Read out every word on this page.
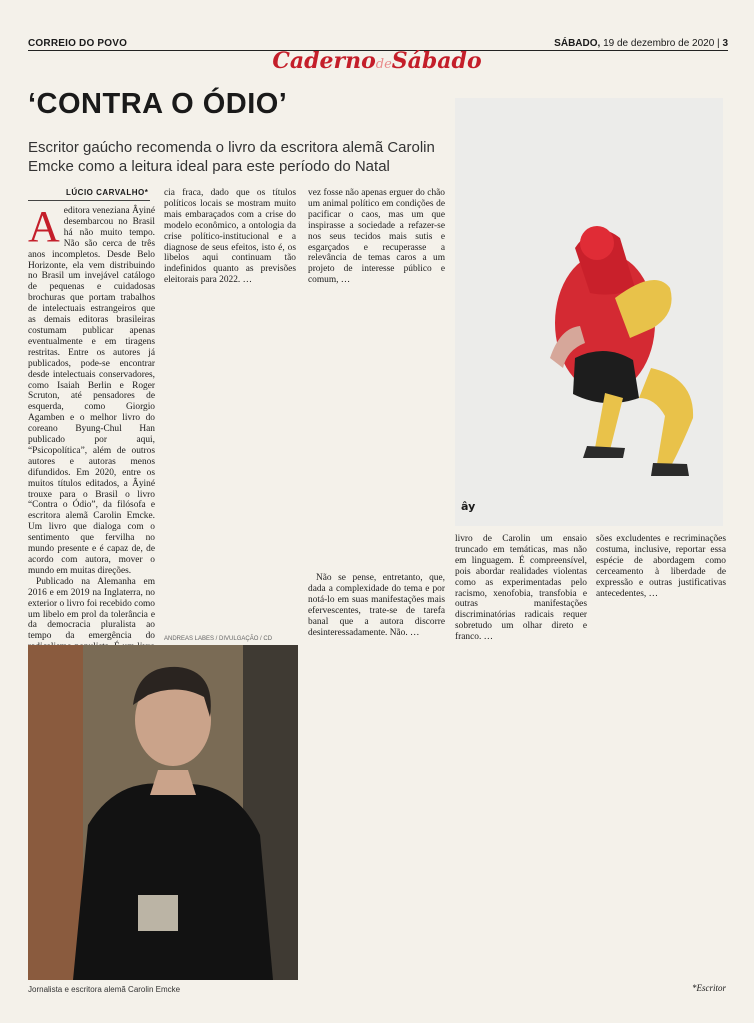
CORREIO DO POVO	SÁBADO, 19 de dezembro de 2020 | 3
CadernodeSábado
‘CONTRA O ÓDIO’
Escritor gaúcho recomenda o livro da escritora alemã Carolin Emcke como a leitura ideal para este período do Natal
LÚCIO CARVALHO*

Aeditora veneziana Âyiné desembarcou no Brasil há não muito tempo. Não são cerca de três anos incompletos. Desde Belo Horizonte, ela vem distribuindo no Brasil um invejável catálogo de pequenas e cuidadosas brochuras que portam trabalhos de intelectuais estrangeiros que as demais editoras brasileiras costumam publicar apenas eventualmente e em tiragens restritas. Entre os autores já publicados, pode-se encontrar desde intelectuais conservadores, como Isaiah Berlin e Roger Scruton, até pensadores de esquerda, como Giorgio Agamben e o melhor livro do coreano Byung-Chul Han publicado por aqui, “Psicopolítica”, além de outros autores e autoras menos difundidos. Em 2020, entre os muitos títulos editados, a Âyiné trouxe para o Brasil o livro “Contra o Ódio”, da filósofa e escritora alemã Carolin Emcke. Um livro que dialoga com o sentimento que fervilha no mundo presente e é capaz de, de acordo com autora, mover o mundo em muitas direções.

Publicado na Alemanha em 2016 e em 2019 na Inglaterra, no exterior o livro foi recebido como um libelo em prol da tolerância e da democracia pluralista ao tempo da emergência do

cia fraca, dado que os títulos políticos locais se mostram muito mais embaraçados com a crise do modelo econômico, a ontologia da crise político-institucional e a diagnose de seus efeitos, isto é, os libelos aqui continuam tão indefinidos quanto as previsões eleitorais para 2022. …

ANDREAS LABES / DIVULGAÇÃO / CD

vez fosse não apenas erguer do chão um animal político em condições de pacificar o caos, mas um que inspirasse a sociedade a refazer-se nos seus tecidos mais sutis e esgarçados e recuperasse a relevância de temas caros a um projeto de interesse público e comum, …

ây
Jornalista e escritora alemã Carolin Emcke

Não se pense, entretanto, que, dada a complexidade do tema e por notá-lo em suas manifestações mais efervescentes, trate-se de tarefa banal que a autora discorre desinteressadamente. Não. …

livro de Carolin um ensaio truncado em temáticas, mas não em linguagem. É compreensível, pois abordar realidades violentas como as experimentadas pelo racismo, xenofobia, transfobia e outras manifestações discriminatórias radicais requer sobretudo um olhar direto e franco. …

sões excludentes e recriminações costuma, inclusive, reportar essa espécie de abordagem como cerceamento à liberdade de expressão e outras justificativas antecedentes, …

*Escritor
